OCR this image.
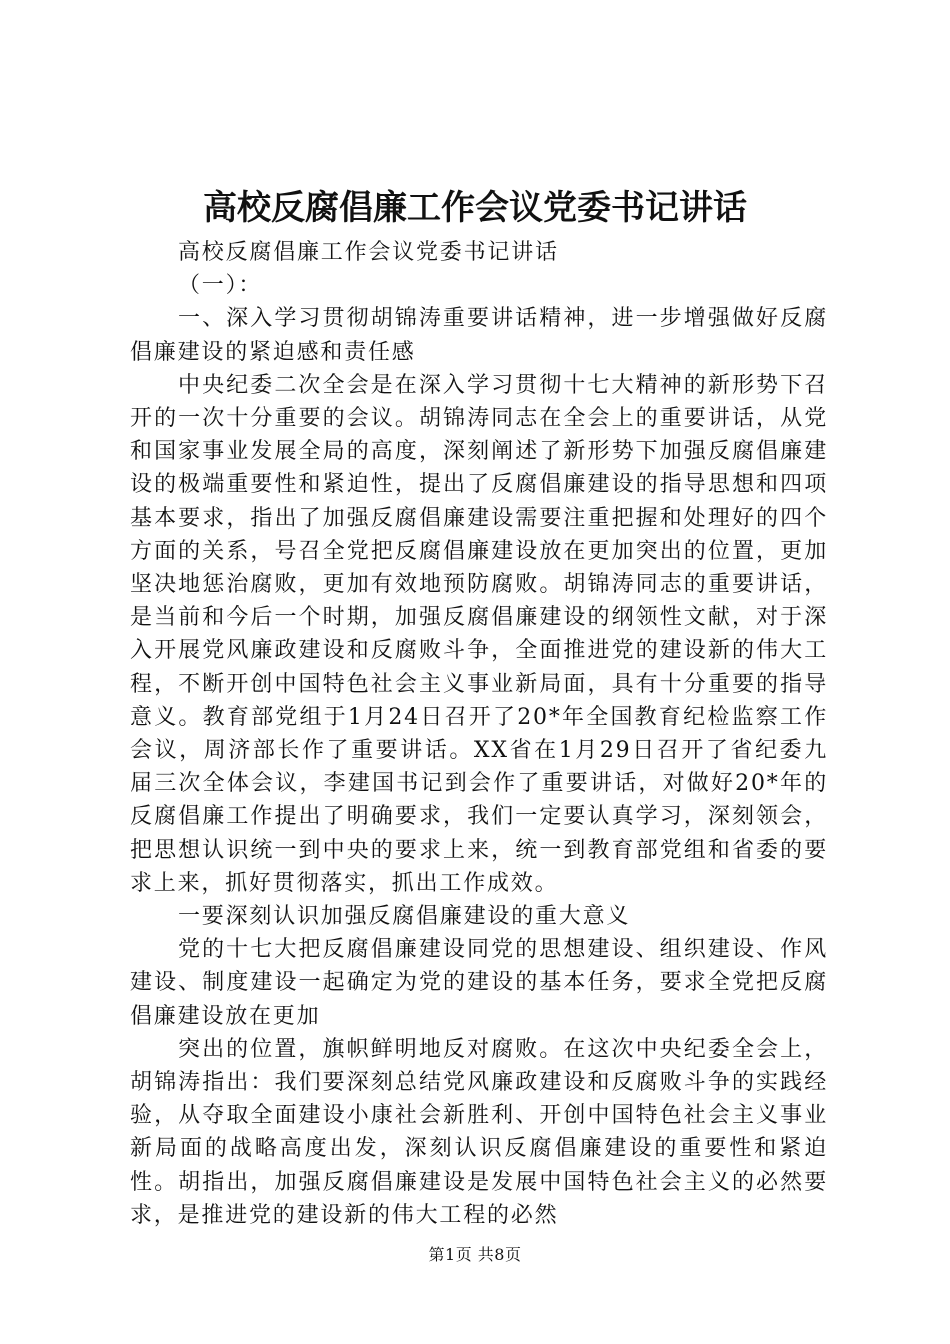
高校反腐倡廉工作会议党委书记讲话

高校反腐倡廉工作会议党委书记讲话

（一）：

一、深入学习贯彻胡锦涛重要讲话精神，进一步增强做好反腐倡廉建设的紧迫感和责任感

中央纪委二次全会是在深入学习贯彻十七大精神的新形势下召开的一次十分重要的会议。胡锦涛同志在全会上的重要讲话，从党和国家事业发展全局的高度，深刻阐述了新形势下加强反腐倡廉建设的极端重要性和紧迫性，提出了反腐倡廉建设的指导思想和四项基本要求，指出了加强反腐倡廉建设需要注重把握和处理好的四个方面的关系，号召全党把反腐倡廉建设放在更加突出的位置，更加坚决地惩治腐败，更加有效地预防腐败。胡锦涛同志的重要讲话，是当前和今后一个时期，加强反腐倡廉建设的纲领性文献，对于深入开展党风廉政建设和反腐败斗争，全面推进党的建设新的伟大工程，不断开创中国特色社会主义事业新局面，具有十分重要的指导意义。教育部党组于1月24日召开了20*年全国教育纪检监察工作会议，周济部长作了重要讲话。XX省在1月29日召开了省纪委九届三次全体会议，李建国书记到会作了重要讲话，对做好20*年的反腐倡廉工作提出了明确要求，我们一定要认真学习，深刻领会，把思想认识统一到中央的要求上来，统一到教育部党组和省委的要求上来，抓好贯彻落实，抓出工作成效。

一要深刻认识加强反腐倡廉建设的重大意义

党的十七大把反腐倡廉建设同党的思想建设、组织建设、作风建设、制度建设一起确定为党的建设的基本任务，要求全党把反腐倡廉建设放在更加

突出的位置，旗帜鲜明地反对腐败。在这次中央纪委全会上，胡锦涛指出：我们要深刻总结党风廉政建设和反腐败斗争的实践经验，从夺取全面建设小康社会新胜利、开创中国特色社会主义事业新局面的战略高度出发，深刻认识反腐倡廉建设的重要性和紧迫性。胡指出，加强反腐倡廉建设是发展中国特色社会主义的必然要求，是推进党的建设新的伟大工程的必然

第1页 共8页
